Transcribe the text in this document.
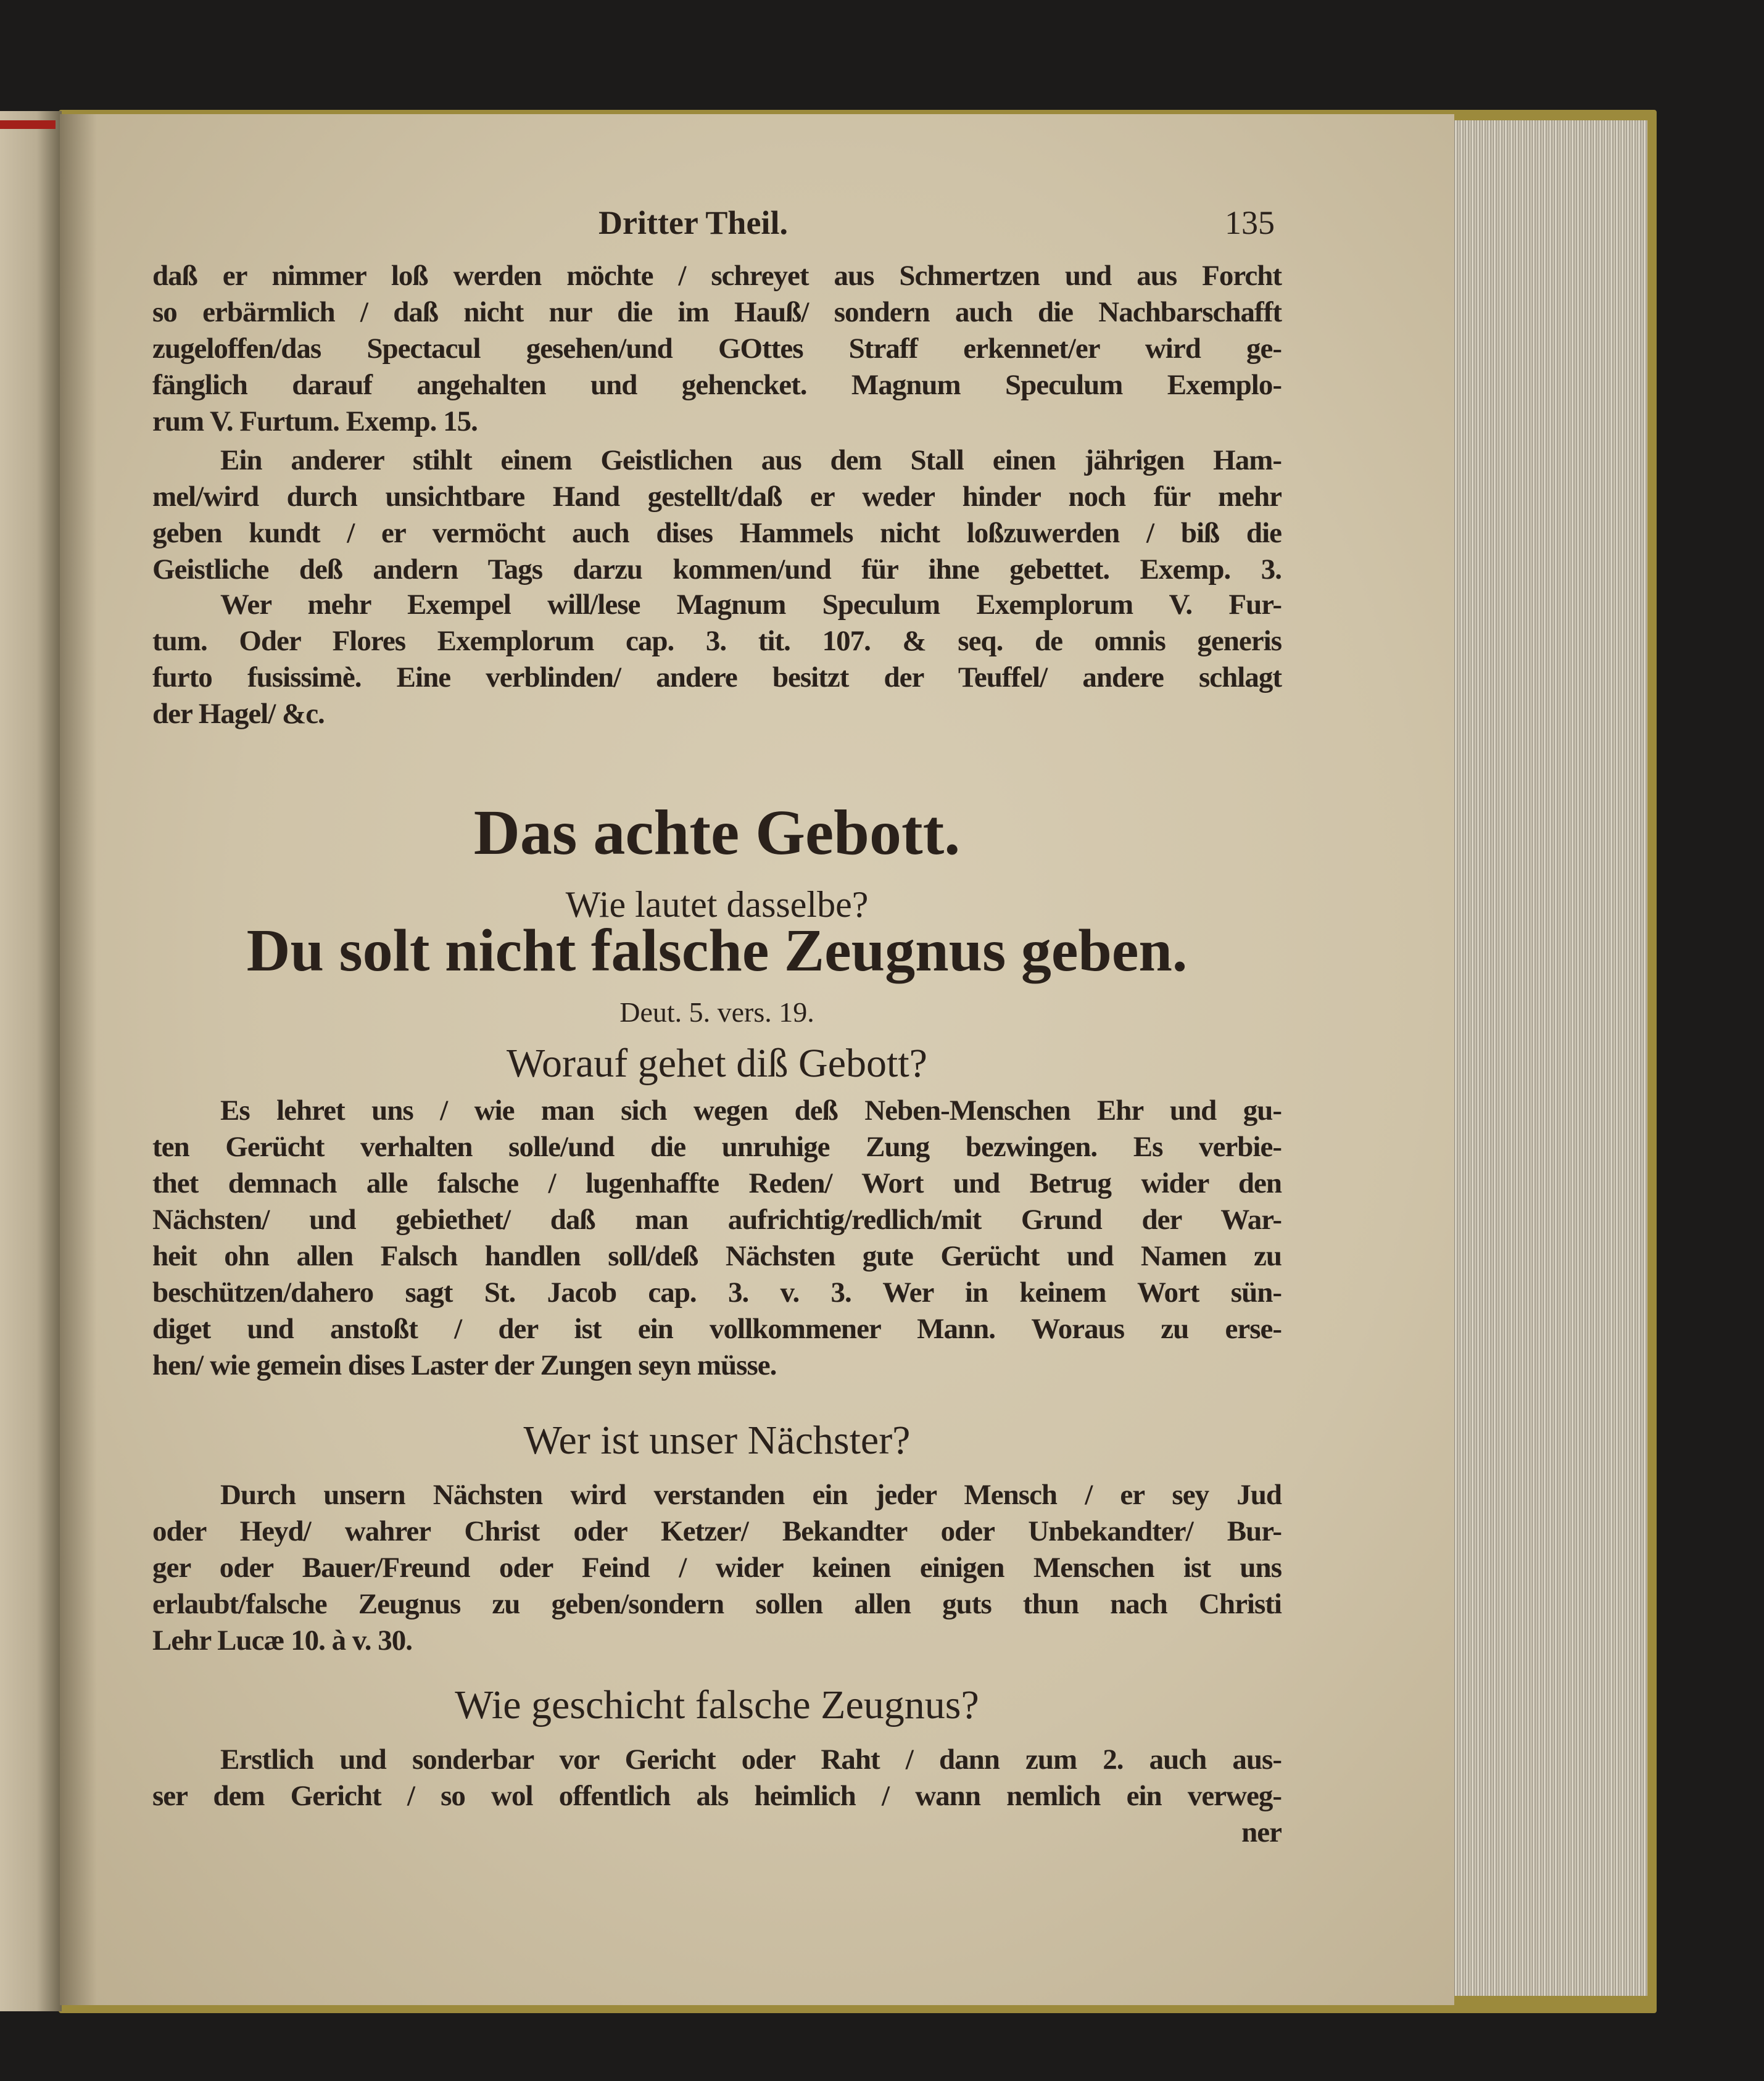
Dritter Theil.	135
daß er nimmer loß werden möchte / schreyet aus Schmertzen und aus Forcht
so erbärmlich / daß nicht nur die im Hauß/ sondern auch die Nachbarschafft
zugeloffen/das Spectacul gesehen/und GOttes Straff erkennet/er wird ge-
fänglich darauf angehalten und gehencket. Magnum Speculum Exemplo-
rum V. Furtum. Exemp. 15.
Ein anderer stihlt einem Geistlichen aus dem Stall einen jährigen Ham-
mel/wird durch unsichtbare Hand gestellt/daß er weder hinder noch für mehr
geben kundt / er vermöcht auch dises Hammels nicht loßzuwerden / biß die
Geistliche deß andern Tags darzu kommen/und für ihne gebettet. Exemp. 3.
Wer mehr Exempel will/lese Magnum Speculum Exemplorum V. Fur-
tum. Oder Flores Exemplorum cap. 3. tit. 107. & seq. de omnis generis
furto fusissimè. Eine verblinden/ andere besitzt der Teuffel/ andere schlagt
der Hagel/ &c.
Es lehret uns / wie man sich wegen deß Neben-Menschen Ehr und gu-
ten Gerücht verhalten solle/und die unruhige Zung bezwingen. Es verbie-
thet demnach alle falsche / lugenhaffte Reden/ Wort und Betrug wider den
Nächsten/ und gebiethet/ daß man aufrichtig/redlich/mit Grund der War-
heit ohn allen Falsch handlen soll/deß Nächsten gute Gerücht und Namen zu
beschützen/dahero sagt St. Jacob cap. 3. v. 3. Wer in keinem Wort sün-
diget und anstoßt / der ist ein vollkommener Mann. Woraus zu erse-
hen/ wie gemein dises Laster der Zungen seyn müsse.
Durch unsern Nächsten wird verstanden ein jeder Mensch / er sey Jud
oder Heyd/ wahrer Christ oder Ketzer/ Bekandter oder Unbekandter/ Bur-
ger oder Bauer/Freund oder Feind / wider keinen einigen Menschen ist uns
erlaubt/falsche Zeugnus zu geben/sondern sollen allen guts thun nach Christi
Lehr Lucæ 10. à v. 30.
Erstlich und sonderbar vor Gericht oder Raht / dann zum 2. auch aus-
ser dem Gericht / so wol offentlich als heimlich / wann nemlich ein verweg-
ner
Das achte Gebott.
Wie lautet dasselbe?
Du solt nicht falsche Zeugnus geben.
Deut. 5. vers. 19.
Worauf gehet diß Gebott?
Wer ist unser Nächster?
Wie geschicht falsche Zeugnus?
